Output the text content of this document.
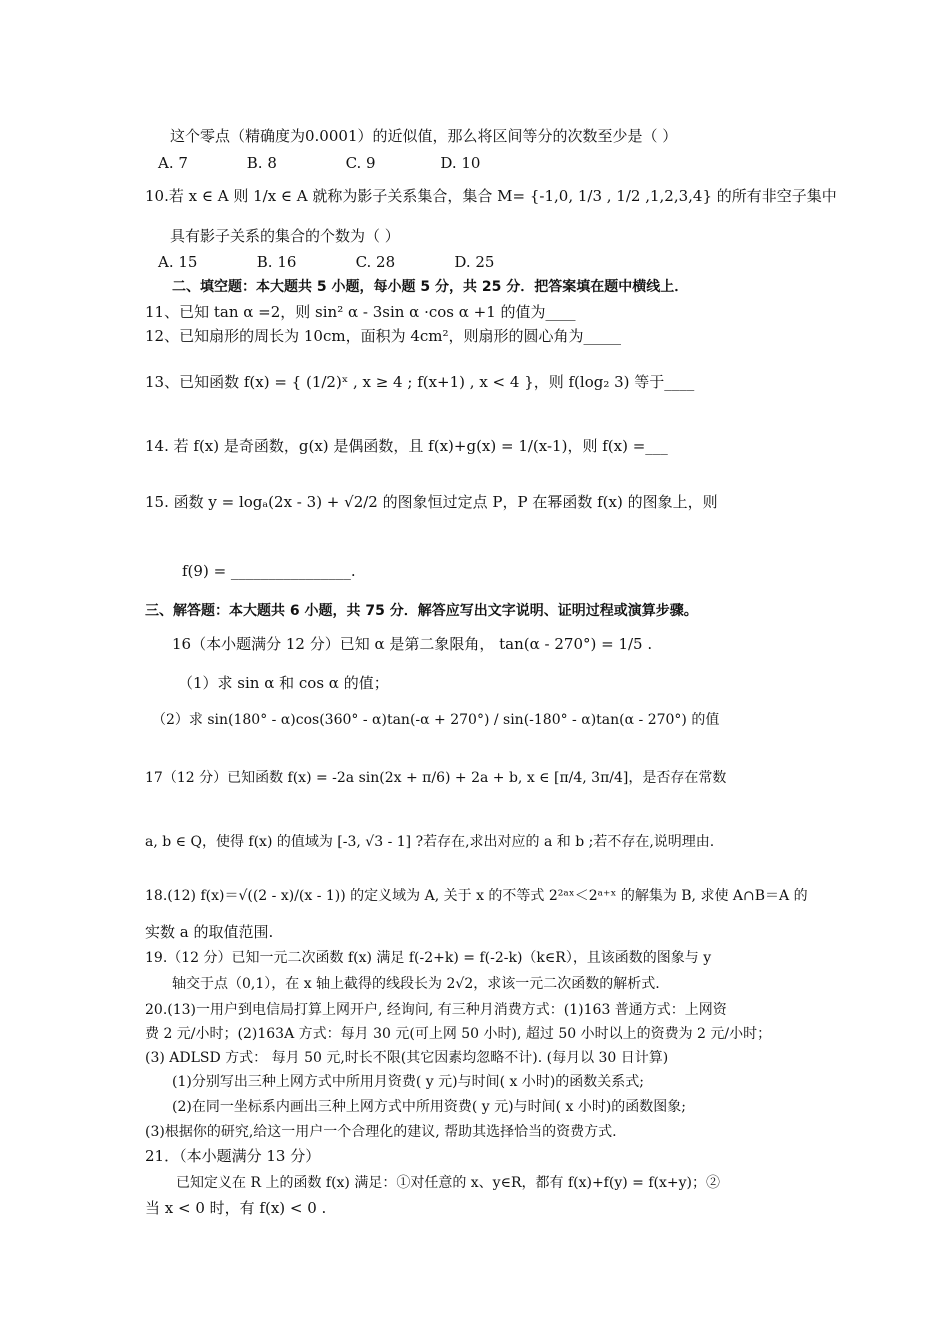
这个零点（精确度为0.0001）的近似值，那么将区间等分的次数至少是（ ）
A. 7	B. 8	C. 9	D. 10
10.若 x ∈ A 则 1/x ∈ A 就称为影子关系集合，集合 M= {-1,0, 1/3 , 1/2 ,1,2,3,4} 的所有非空子集中
具有影子关系的集合的个数为（ ）
A. 15	B. 16	C. 28	D. 25
二、填空题：本大题共 5 小题，每小题 5 分，共 25 分．把答案填在题中横线上．
11、已知 tan α =2，则 sin² α - 3sin α ·cos α +1 的值为____
12、已知扇形的周长为 10cm，面积为 4cm²，则扇形的圆心角为_____
13、已知函数 f(x) = { (1/2)ˣ , x ≥ 4 ; f(x+1) , x < 4 }，则 f(log₂ 3) 等于____
14. 若 f(x) 是奇函数，g(x) 是偶函数，且 f(x)+g(x) = 1/(x-1)，则 f(x) =___
15. 函数 y = logₐ(2x - 3) + √2/2 的图象恒过定点 P，P 在幂函数 f(x) 的图象上，则
f(9) = ________________.
三、解答题：本大题共 6 小题，共 75 分．解答应写出文字说明、证明过程或演算步骤。
16（本小题满分 12 分）已知 α 是第二象限角， tan(α - 270°) = 1/5 .
（1）求 sin α 和 cos α 的值；
（2）求 sin(180° - α)cos(360° - α)tan(-α + 270°) / sin(-180° - α)tan(α - 270°) 的值
17（12 分）已知函数 f(x) = -2a sin(2x + π/6) + 2a + b, x ∈ [π/4, 3π/4]，是否存在常数
a, b ∈ Q，使得 f(x) 的值域为 [-3, √3 - 1] ?若存在,求出对应的 a 和 b ;若不存在,说明理由.
18.(12) f(x)＝√((2 - x)/(x - 1)) 的定义域为 A, 关于 x 的不等式 2²ᵃˣ＜2ᵃ⁺ˣ 的解集为 B, 求使 A∩B＝A 的
实数 a 的取值范围.
19.（12 分）已知一元二次函数 f(x) 满足 f(-2+k) = f(-2-k)（k∈R），且该函数的图象与 y
轴交于点（0,1），在 x 轴上截得的线段长为 2√2，求该一元二次函数的解析式.
20.(13)一用户到电信局打算上网开户, 经询问, 有三种月消费方式：(1)163 普通方式：上网资
费 2 元/小时；(2)163A 方式：每月 30 元(可上网 50 小时), 超过 50 小时以上的资费为 2 元/小时；
(3) ADLSD 方式： 每月 50 元,时长不限(其它因素均忽略不计). (每月以 30 日计算)
(1)分别写出三种上网方式中所用月资费( y 元)与时间( x 小时)的函数关系式;
(2)在同一坐标系内画出三种上网方式中所用资费( y 元)与时间( x 小时)的函数图象;
(3)根据你的研究,给这一用户一个合理化的建议, 帮助其选择恰当的资费方式.
21．（本小题满分 13 分）
已知定义在 R 上的函数 f(x) 满足：①对任意的 x、y∈R，都有 f(x)+f(y) = f(x+y)；②
当 x < 0 时，有 f(x) < 0 .
